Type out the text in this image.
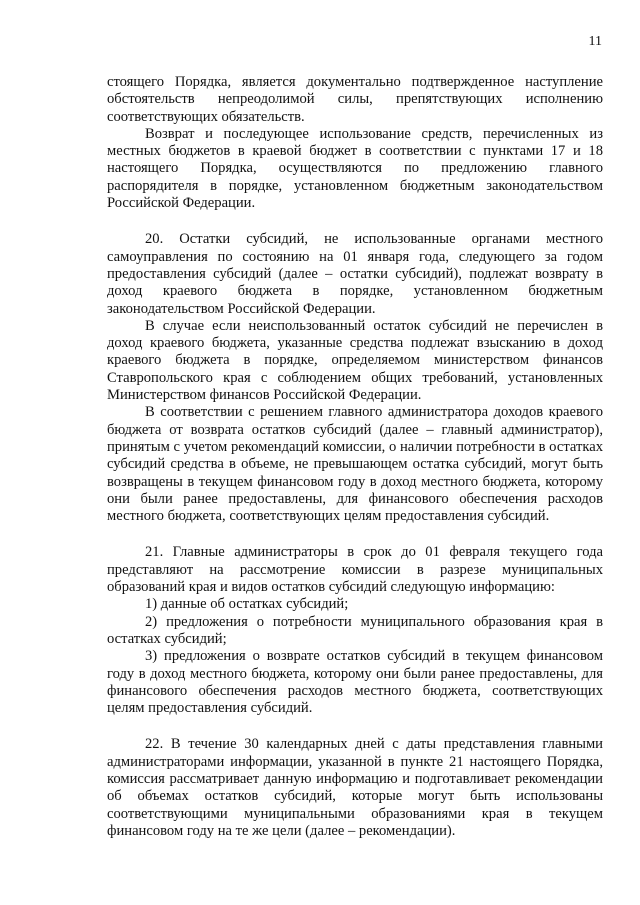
11

стоящего Порядка, является документально подтвержденное наступление обстоятельств непреодолимой силы, препятствующих исполнению соответствующих обязательств.

Возврат и последующее использование средств, перечисленных из местных бюджетов в краевой бюджет в соответствии с пунктами 17 и 18 настоящего Порядка, осуществляются по предложению главного распорядителя в порядке, установленном бюджетным законодательством Российской Федерации.

20. Остатки субсидий, не использованные органами местного самоуправления по состоянию на 01 января года, следующего за годом предоставления субсидий (далее – остатки субсидий), подлежат возврату в доход краевого бюджета в порядке, установленном бюджетным законодательством Российской Федерации.

В случае если неиспользованный остаток субсидий не перечислен в доход краевого бюджета, указанные средства подлежат взысканию в доход краевого бюджета в порядке, определяемом министерством финансов Ставропольского края с соблюдением общих требований, установленных Министерством финансов Российской Федерации.

В соответствии с решением главного администратора доходов краевого бюджета от возврата остатков субсидий (далее – главный администратор), принятым с учетом рекомендаций комиссии, о наличии потребности в остатках субсидий средства в объеме, не превышающем остатка субсидий, могут быть возвращены в текущем финансовом году в доход местного бюджета, которому они были ранее предоставлены, для финансового обеспечения расходов местного бюджета, соответствующих целям предоставления субсидий.

21. Главные администраторы в срок до 01 февраля текущего года представляют на рассмотрение комиссии в разрезе муниципальных образований края и видов остатков субсидий следующую информацию:

1) данные об остатках субсидий;

2) предложения о потребности муниципального образования края в остатках субсидий;

3) предложения о возврате остатков субсидий в текущем финансовом году в доход местного бюджета, которому они были ранее предоставлены, для финансового обеспечения расходов местного бюджета, соответствующих целям предоставления субсидий.

22. В течение 30 календарных дней с даты представления главными администраторами информации, указанной в пункте 21 настоящего Порядка, комиссия рассматривает данную информацию и подготавливает рекомендации об объемах остатков субсидий, которые могут быть использованы соответствующими муниципальными образованиями края в текущем финансовом году на те же цели (далее – рекомендации).
